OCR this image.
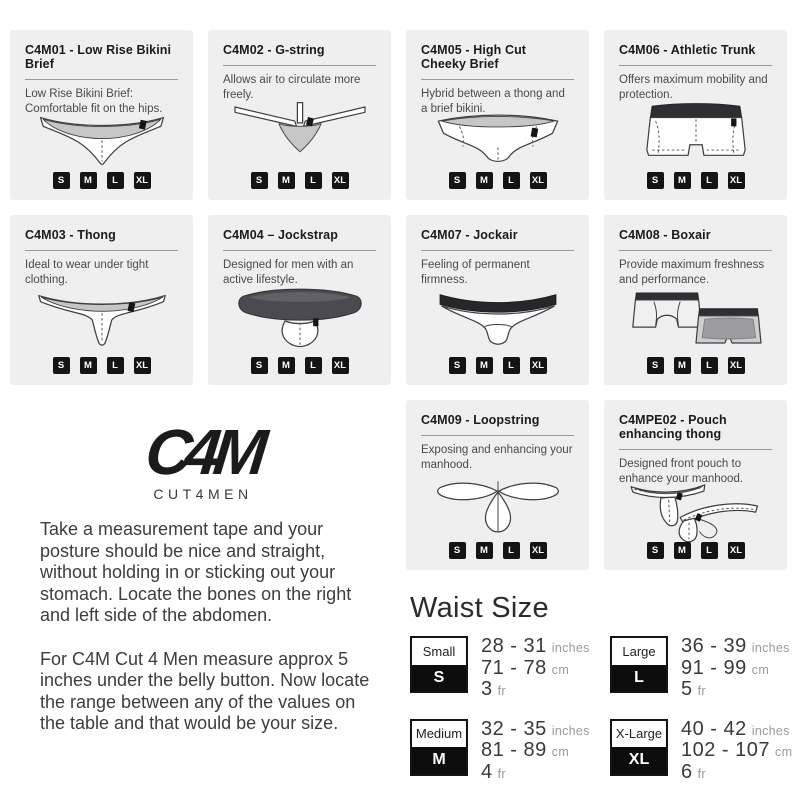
C4M01 - Low Rise Bikini Brief
Low Rise Bikini Brief: Comfortable fit on the hips.
S	M	L	XL
C4M02 - G-string
Allows air to circulate more freely.
S	M	L	XL
C4M05 - High Cut Cheeky Brief
Hybrid between a thong and a brief bikini.
S	M	L	XL
C4M06 - Athletic Trunk
Offers maximum mobility and protection.
S	M	L	XL
C4M03 - Thong
Ideal to wear under tight clothing.
S	M	L	XL
C4M04 – Jockstrap
Designed for men with an active lifestyle.
S	M	L	XL
C4M07 - Jockair
Feeling of permanent firmness.
S	M	L	XL
C4M08 - Boxair
Provide maximum freshness and performance.
S	M	L	XL
C4M09 - Loopstring
Exposing and enhancing your manhood.
S	M	L	XL
C4MPE02 - Pouch enhancing thong
Designed front pouch to enhance your manhood.
S	M	L	XL
C4M
CUT4MEN

Take a measurement tape and your posture should be nice and straight, without holding in or sticking out your stomach. Locate the bones on the right and left side of the abdomen.

For C4M Cut 4 Men measure approx 5 inches under the belly button. Now locate the range between any of the values on the table and that would be your size.

Waist Size
Small
S
28 - 31 inches
71 - 78 cm
3 fr
Large
L
36 - 39 inches
91 - 99 cm
5 fr
Medium
M
32 - 35 inches
81 - 89 cm
4 fr
X-Large
XL
40 - 42 inches
102 - 107 cm
6 fr
